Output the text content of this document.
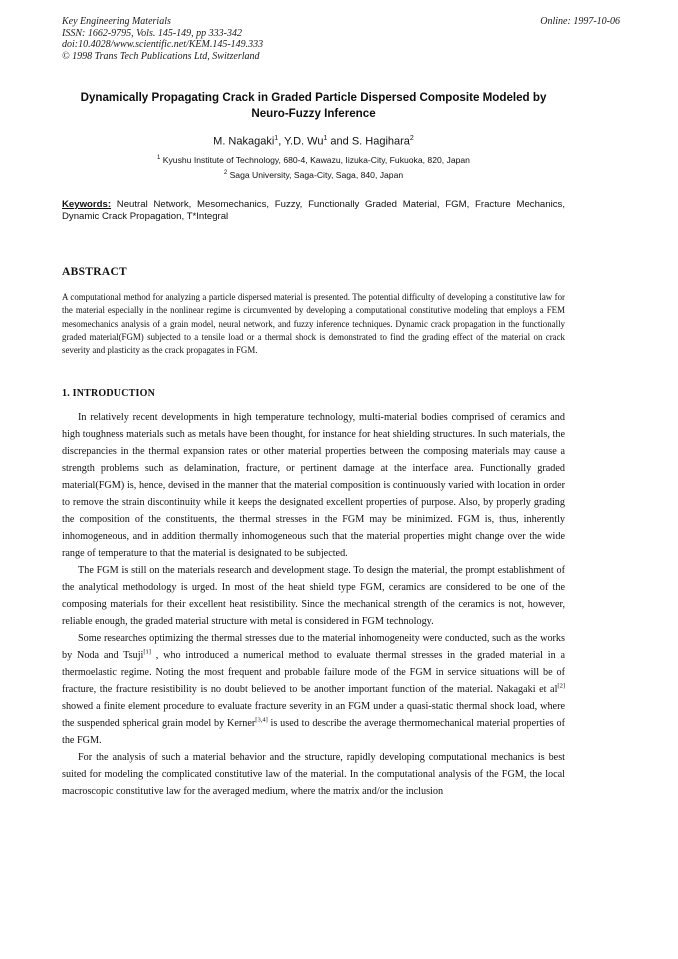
Key Engineering Materials
ISSN: 1662-9795, Vols. 145-149, pp 333-342
doi:10.4028/www.scientific.net/KEM.145-149.333
© 1998 Trans Tech Publications Ltd, Switzerland
Online: 1997-10-06
Dynamically Propagating Crack in Graded Particle Dispersed Composite Modeled by Neuro-Fuzzy Inference
M. Nakagaki$^1$, Y.D. Wu$^1$ and S. Hagihara$^2$
$^1$ Kyushu Institute of Technology, 680-4, Kawazu, Iizuka-City, Fukuoka, 820, Japan
$^2$ Saga University, Saga-City, Saga, 840, Japan
Keywords: Neutral Network, Mesomechanics, Fuzzy, Functionally Graded Material, FGM, Fracture Mechanics, Dynamic Crack Propagation, T*Integral
ABSTRACT
A computational method for analyzing a particle dispersed material is presented. The potential difficulty of developing a constitutive law for the material especially in the nonlinear regime is circumvented by developing a computational constitutive modeling that employs a FEM mesomechanics analysis of a grain model, neural network, and fuzzy inference techniques. Dynamic crack propagation in the functionally graded material(FGM) subjected to a tensile load or a thermal shock is demonstrated to find the grading effect of the material on crack severity and plasticity as the crack propagates in FGM.
1. INTRODUCTION

In relatively recent developments in high temperature technology, multi-material bodies comprised of ceramics and high toughness materials such as metals have been thought, for instance for heat shielding structures. In such materials, the discrepancies in the thermal expansion rates or other material properties between the composing materials may cause a strength problems such as delamination, fracture, or pertinent damage at the interface area. Functionally graded material(FGM) is, hence, devised in the manner that the material composition is continuously varied with location in order to remove the strain discontinuity while it keeps the designated excellent properties of purpose. Also, by properly grading the composition of the constituents, the thermal stresses in the FGM may be minimized. FGM is, thus, inherently inhomogeneous, and in addition thermally inhomogeneous such that the material properties might change over the wide range of temperature to that the material is designated to be subjected.

The FGM is still on the materials research and development stage. To design the material, the prompt establishment of the analytical methodology is urged. In most of the heat shield type FGM, ceramics are considered to be one of the composing materials for their excellent heat resistibility. Since the mechanical strength of the ceramics is not, however, reliable enough, the graded material structure with metal is considered in FGM technology.

Some researches optimizing the thermal stresses due to the material inhomogeneity were conducted, such as the works by Noda and Tsuji[1] , who introduced a numerical method to evaluate thermal stresses in the graded material in a thermoelastic regime. Noting the most frequent and probable failure mode of the FGM in service situations will be of fracture, the fracture resistibility is no doubt believed to be another important function of the material. Nakagaki et al[2] showed a finite element procedure to evaluate fracture severity in an FGM under a quasi-static thermal shock load, where the suspended spherical grain model by Kerner[3,4] is used to describe the average thermomechanical material properties of the FGM.

For the analysis of such a material behavior and the structure, rapidly developing computational mechanics is best suited for modeling the complicated constitutive law of the material. In the computational analysis of the FGM, the local macroscopic constitutive law for the averaged medium, where the matrix and/or the inclusion
